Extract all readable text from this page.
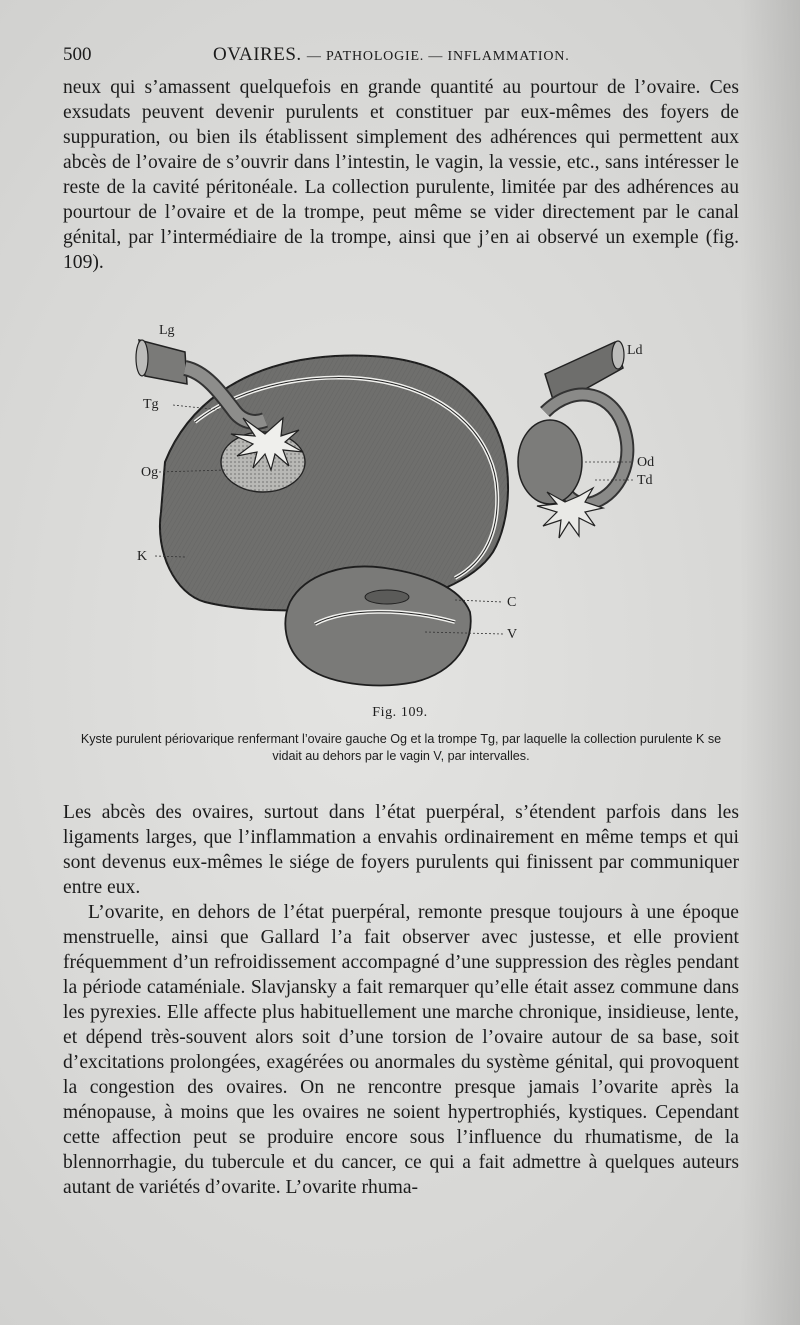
500	OVAIRES. — PATHOLOGIE. — INFLAMMATION.

neux qui s’amassent quelquefois en grande quantité au pourtour de l’ovaire. Ces exsudats peuvent devenir purulents et constituer par eux-mêmes des foyers de suppuration, ou bien ils établissent simplement des adhérences qui permettent aux abcès de l’ovaire de s’ouvrir dans l’intestin, le vagin, la vessie, etc., sans intéresser le reste de la cavité péritonéale. La collection purulente, limitée par des adhérences au pourtour de l’ovaire et de la trompe, peut même se vider directement par le canal génital, par l’intermédiaire de la trompe, ainsi que j’en ai observé un exemple (fig. 109).

Lg
Tg
Og
K
Ld
Od
Td
C
V
Fig. 109.
Kyste purulent périovarique renfermant l’ovaire gauche Og et la trompe Tg, par laquelle la collection purulente K se vidait au dehors par le vagin V, par intervalles.

Les abcès des ovaires, surtout dans l’état puerpéral, s’étendent parfois dans les ligaments larges, que l’inflammation a envahis ordinairement en même temps et qui sont devenus eux-mêmes le siége de foyers purulents qui finissent par communiquer entre eux.

L’ovarite, en dehors de l’état puerpéral, remonte presque toujours à une époque menstruelle, ainsi que Gallard l’a fait observer avec justesse, et elle provient fréquemment d’un refroidissement accompagné d’une suppression des règles pendant la période cataméniale. Slavjansky a fait remarquer qu’elle était assez commune dans les pyrexies. Elle affecte plus habituellement une marche chronique, insidieuse, lente, et dépend très-souvent alors soit d’une torsion de l’ovaire autour de sa base, soit d’excitations prolongées, exagérées ou anormales du système génital, qui provoquent la congestion des ovaires. On ne rencontre presque jamais l’ovarite après la ménopause, à moins que les ovaires ne soient hypertrophiés, kystiques. Cependant cette affection peut se produire encore sous l’influence du rhumatisme, de la blennorrhagie, du tubercule et du cancer, ce qui a fait admettre à quelques auteurs autant de variétés d’ovarite. L’ovarite rhuma-
